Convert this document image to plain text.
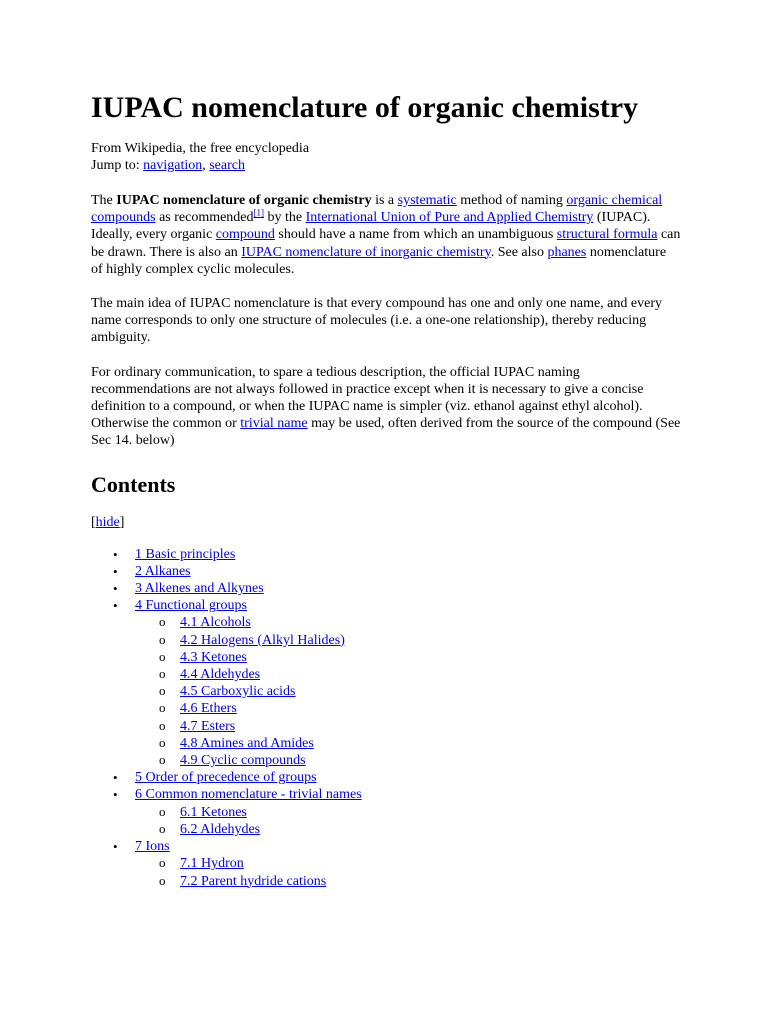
IUPAC nomenclature of organic chemistry
From Wikipedia, the free encyclopedia
Jump to: navigation, search

The IUPAC nomenclature of organic chemistry is a systematic method of naming organic chemical compounds as recommended[1] by the International Union of Pure and Applied Chemistry (IUPAC). Ideally, every organic compound should have a name from which an unambiguous structural formula can be drawn. There is also an IUPAC nomenclature of inorganic chemistry. See also phanes nomenclature of highly complex cyclic molecules.

The main idea of IUPAC nomenclature is that every compound has one and only one name, and every name corresponds to only one structure of molecules (i.e. a one-one relationship), thereby reducing ambiguity.

For ordinary communication, to spare a tedious description, the official IUPAC naming recommendations are not always followed in practice except when it is necessary to give a concise definition to a compound, or when the IUPAC name is simpler (viz. ethanol against ethyl alcohol). Otherwise the common or trivial name may be used, often derived from the source of the compound (See Sec 14. below)

Contents
[hide]
• 1 Basic principles
• 2 Alkanes
• 3 Alkenes and Alkynes
• 4 Functional groups
o 4.1 Alcohols
o 4.2 Halogens (Alkyl Halides)
o 4.3 Ketones
o 4.4 Aldehydes
o 4.5 Carboxylic acids
o 4.6 Ethers
o 4.7 Esters
o 4.8 Amines and Amides
o 4.9 Cyclic compounds
• 5 Order of precedence of groups
• 6 Common nomenclature - trivial names
o 6.1 Ketones
o 6.2 Aldehydes
• 7 Ions
o 7.1 Hydron
o 7.2 Parent hydride cations
